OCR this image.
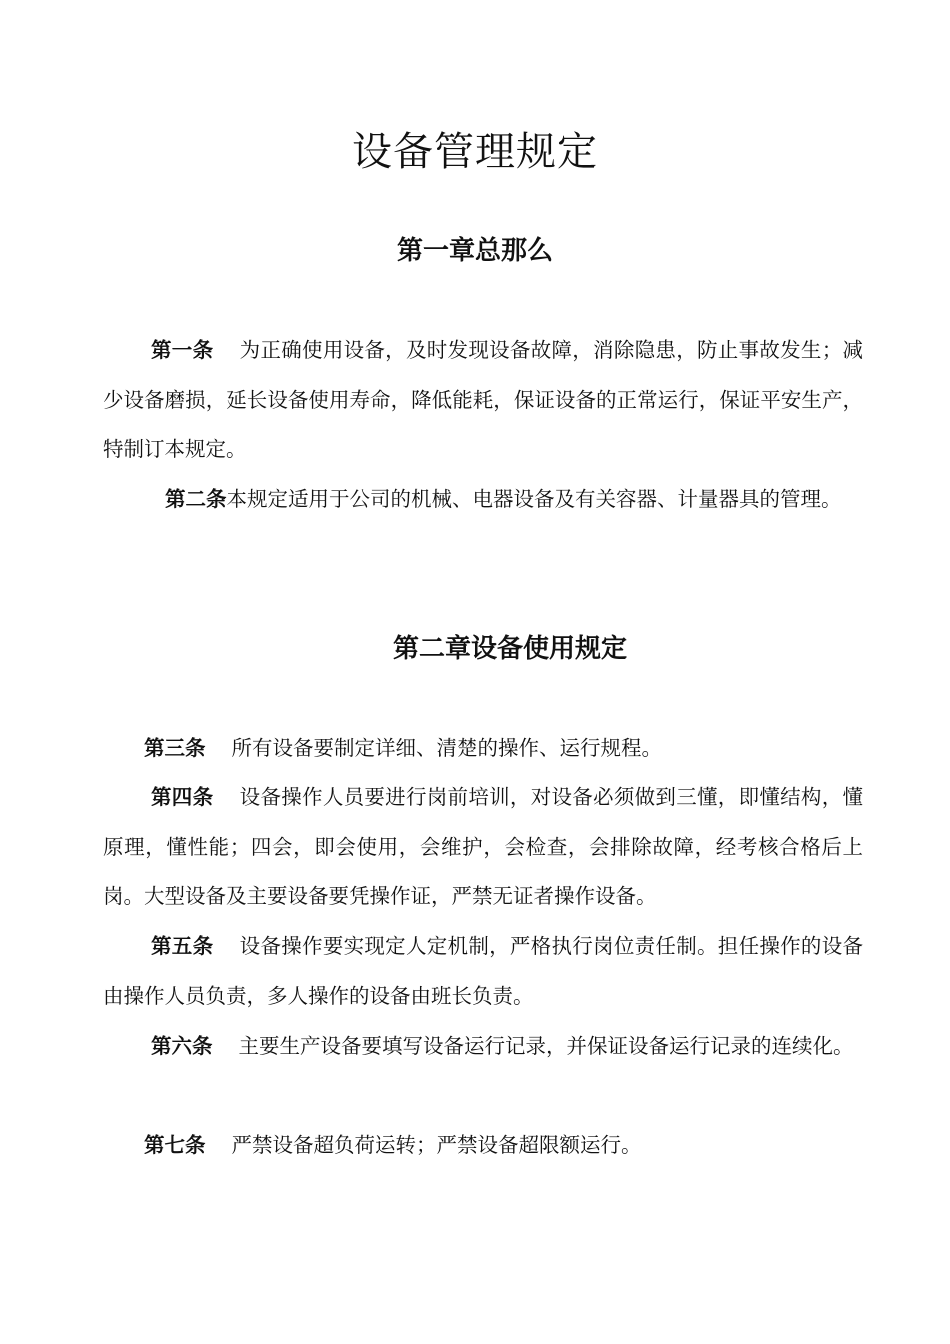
设备管理规定
第一章总那么

第一条 为正确使用设备，及时发现设备故障，消除隐患，防止事故发生；减少设备磨损，延长设备使用寿命，降低能耗，保证设备的正常运行，保证平安生产，特制订本规定。

第二条本规定适用于公司的机械、电器设备及有关容器、计量器具的管理。

第二章设备使用规定

第三条 所有设备要制定详细、清楚的操作、运行规程。

第四条 设备操作人员要进行岗前培训，对设备必须做到三懂，即懂结构，懂原理，懂性能；四会，即会使用，会维护，会检查，会排除故障，经考核合格后上岗。大型设备及主要设备要凭操作证，严禁无证者操作设备。

第五条 设备操作要实现定人定机制，严格执行岗位责任制。担任操作的设备由操作人员负责，多人操作的设备由班长负责。

第六条 主要生产设备要填写设备运行记录，并保证设备运行记录的连续化。

第七条 严禁设备超负荷运转；严禁设备超限额运行。
